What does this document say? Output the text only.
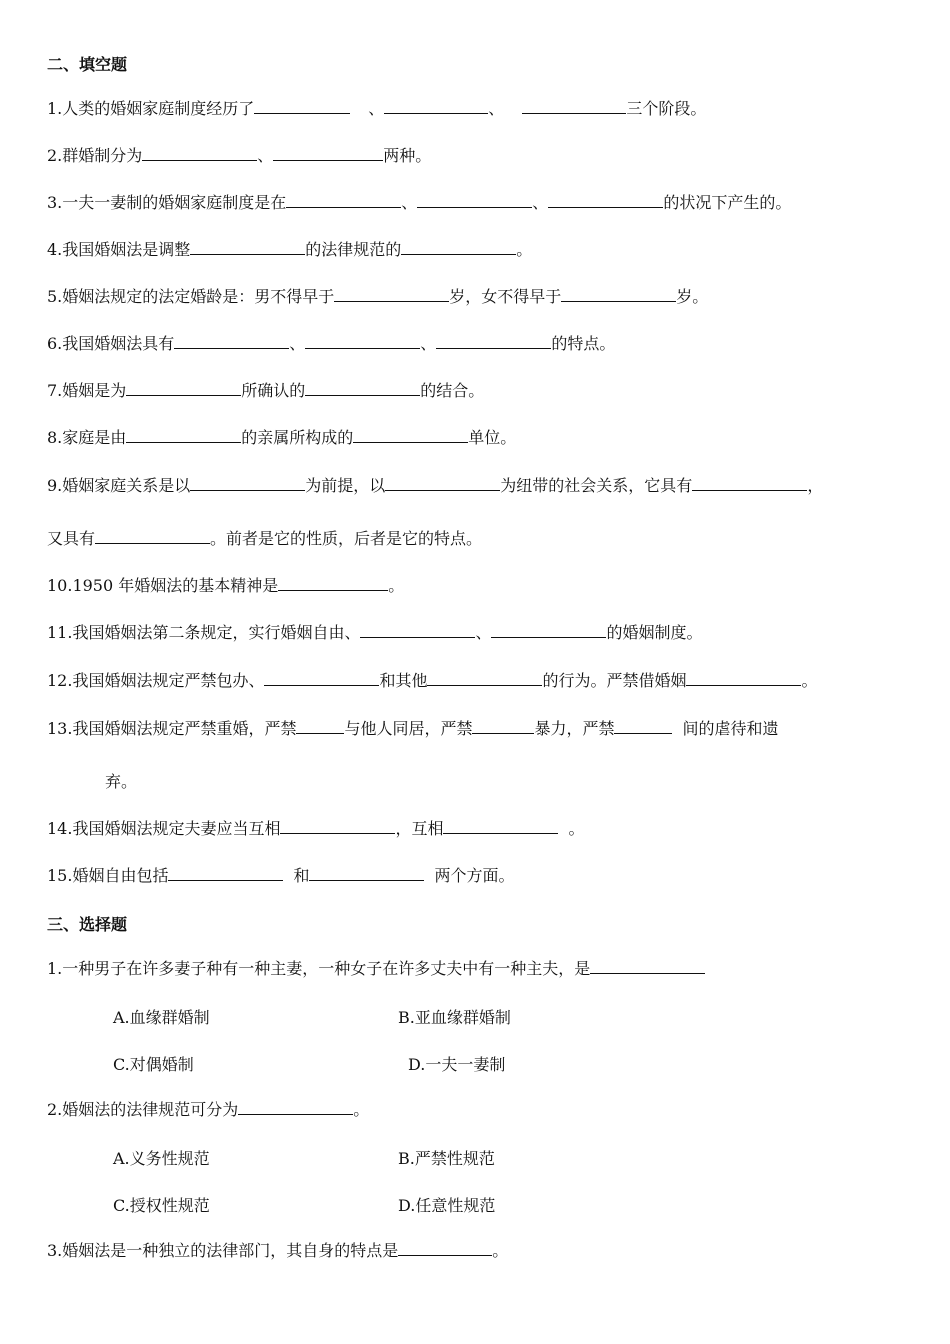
二、填空题
1.人类的婚姻家庭制度经历了	、	、	三个阶段。
2.群婚制分为	、	两种。
3.一夫一妻制的婚姻家庭制度是在	、	、	的状况下产生的。
4.我国婚姻法是调整	的法律规范的	。
5.婚姻法规定的法定婚龄是：男不得早于	岁，女不得早于	岁。
6.我国婚姻法具有	、	、	的特点。
7.婚姻是为	所确认的	的结合。
8.家庭是由	的亲属所构成的	单位。
9.婚姻家庭关系是以	为前提，以	为纽带的社会关系，它具有	，
又具有	。前者是它的性质，后者是它的特点。
10.1950 年婚姻法的基本精神是	。
11.我国婚姻法第二条规定，实行婚姻自由、	、	的婚姻制度。
12.我国婚姻法规定严禁包办、	和其他	的行为。严禁借婚姻	。
13.我国婚姻法规定严禁重婚，严禁	与他人同居，严禁	暴力，严禁	间的虐待和遗
弃。
14.我国婚姻法规定夫妻应当互相	，互相	。
15.婚姻自由包括	和	两个方面。
三、选择题
1.一种男子在许多妻子种有一种主妻，一种女子在许多丈夫中有一种主夫，是
A.血缘群婚制	B.亚血缘群婚制
C.对偶婚制	D.一夫一妻制
2.婚姻法的法律规范可分为	。
A.义务性规范	B.严禁性规范
C.授权性规范	D.任意性规范
3.婚姻法是一种独立的法律部门，其自身的特点是	。
